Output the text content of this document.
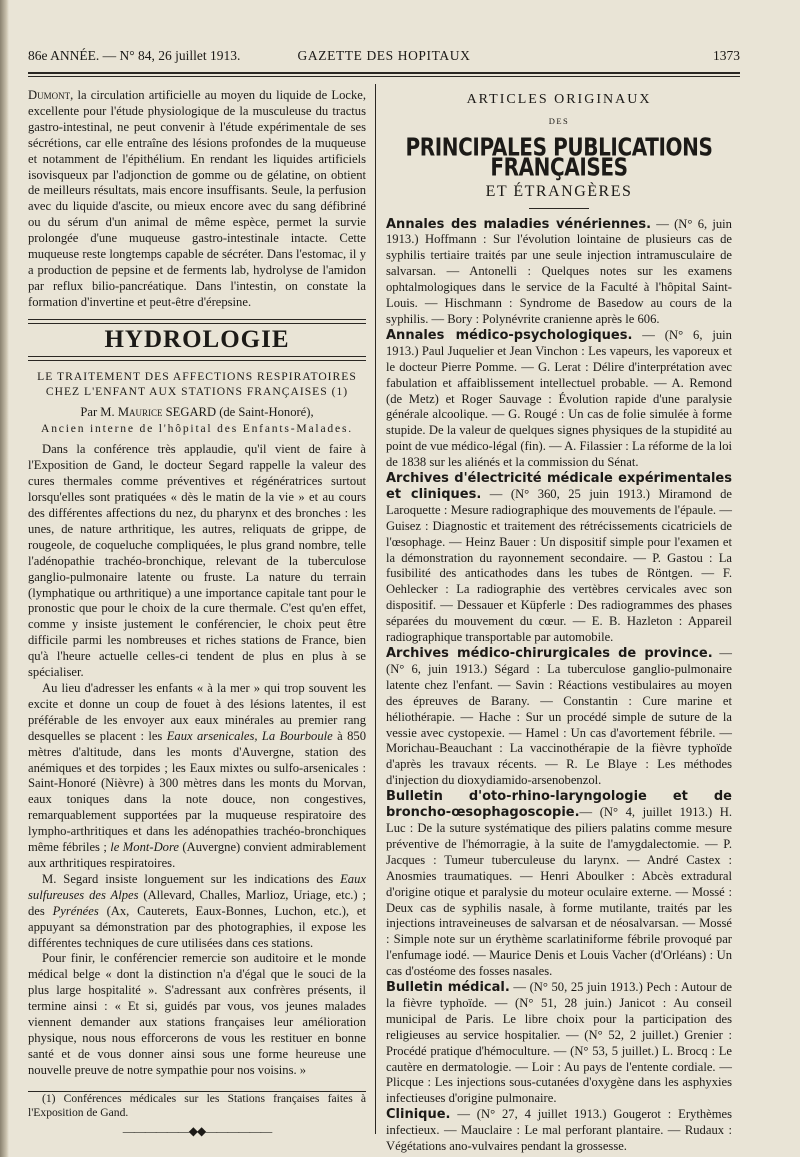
86e ANNÉE. — N° 84, 26 juillet 1913.	GAZETTE DES HOPITAUX	1373

Dumont, la circulation artificielle au moyen du liquide de Locke, excellente pour l'étude physiologique de la musculeuse du tractus gastro-intestinal, ne peut convenir à l'étude expérimentale de ses sécrétions, car elle entraîne des lésions profondes de la muqueuse et notamment de l'épithélium. En rendant les liquides artificiels isovisqueux par l'adjonction de gomme ou de gélatine, on obtient de meilleurs résultats, mais encore insuffisants. Seule, la perfusion avec du liquide d'ascite, ou mieux encore avec du sang défibriné ou du sérum d'un animal de même espèce, permet la survie prolongée d'une muqueuse gastro-intestinale intacte. Cette muqueuse reste longtemps capable de sécréter. Dans l'estomac, il y a production de pepsine et de ferments lab, hydrolyse de l'amidon par reflux bilio-pancréatique. Dans l'intestin, on constate la formation d'invertine et peut-être d'érepsine.

HYDROLOGIE
LE TRAITEMENT DES AFFECTIONS RESPIRATOIRES
CHEZ L'ENFANT AUX STATIONS FRANÇAISES (1)
Par M. Maurice SEGARD (de Saint-Honoré),
Ancien interne de l'hôpital des Enfants-Malades.

Dans la conférence très applaudie, qu'il vient de faire à l'Exposition de Gand, le docteur Segard rappelle la valeur des cures thermales comme préventives et régénératrices surtout lorsqu'elles sont pratiquées « dès le matin de la vie » et au cours des différentes affections du nez, du pharynx et des bronches : les unes, de nature arthritique, les autres, reliquats de grippe, de rougeole, de coqueluche compliquées, le plus grand nombre, telle l'adénopathie trachéo-bronchique, relevant de la tuberculose ganglio-pulmonaire latente ou fruste. La nature du terrain (lymphatique ou arthritique) a une importance capitale tant pour le pronostic que pour le choix de la cure thermale. C'est qu'en effet, comme y insiste justement le conférencier, le choix peut être difficile parmi les nombreuses et riches stations de France, bien qu'à l'heure actuelle celles-ci tendent de plus en plus à se spécialiser.

Au lieu d'adresser les enfants « à la mer » qui trop souvent les excite et donne un coup de fouet à des lésions latentes, il est préférable de les envoyer aux eaux minérales au premier rang desquelles se placent : les Eaux arsenicales, La Bourboule à 850 mètres d'altitude, dans les monts d'Auvergne, station des anémiques et des torpides ; les Eaux mixtes ou sulfo-arsenicales : Saint-Honoré (Nièvre) à 300 mètres dans les monts du Morvan, eaux toniques dans la note douce, non congestives, remarquablement supportées par la muqueuse respiratoire des lympho-arthritiques et dans les adénopathies trachéo-bronchiques même fébriles ; le Mont-Dore (Auvergne) convient admirablement aux arthritiques respiratoires.

M. Segard insiste longuement sur les indications des Eaux sulfureuses des Alpes (Allevard, Challes, Marlioz, Uriage, etc.) ; des Pyrénées (Ax, Cauterets, Eaux-Bonnes, Luchon, etc.), et appuyant sa démonstration par des photographies, il expose les différentes techniques de cure utilisées dans ces stations.

Pour finir, le conférencier remercie son auditoire et le monde médical belge « dont la distinction n'a d'égal que le souci de la plus large hospitalité ». S'adressant aux confrères présents, il termine ainsi : « Et si, guidés par vous, vos jeunes malades viennent demander aux stations françaises leur amélioration physique, nous nous efforcerons de vous les restituer en bonne santé et de vous donner ainsi sous une forme heureuse une nouvelle preuve de notre sympathie pour nos voisins. »

(1) Conférences médicales sur les Stations françaises faites à l'Exposition de Gand.

——————◆◆——————
ARTICLES ORIGINAUX
DES
PRINCIPALES PUBLICATIONS FRANÇAISES
ET ÉTRANGÈRES

Annales des maladies vénériennes. — (N° 6, juin 1913.) Hoffmann : Sur l'évolution lointaine de plusieurs cas de syphilis tertiaire traités par une seule injection intramusculaire de salvarsan. — Antonelli : Quelques notes sur les examens ophtalmologiques dans le service de la Faculté à l'hôpital Saint-Louis. — Hischmann : Syndrome de Basedow au cours de la syphilis. — Bory : Polynévrite cranienne après le 606.

Annales médico-psychologiques. — (N° 6, juin 1913.) Paul Juquelier et Jean Vinchon : Les vapeurs, les vaporeux et le docteur Pierre Pomme. — G. Lerat : Délire d'interprétation avec fabulation et affaiblissement intellectuel probable. — A. Remond (de Metz) et Roger Sauvage : Évolution rapide d'une paralysie générale alcoolique. — G. Rougé : Un cas de folie simulée à forme stupide. De la valeur de quelques signes physiques de la stupidité au point de vue médico-légal (fin). — A. Filassier : La réforme de la loi de 1838 sur les aliénés et la commission du Sénat.

Archives d'électricité médicale expérimentales et cliniques. — (N° 360, 25 juin 1913.) Miramond de Laroquette : Mesure radiographique des mouvements de l'épaule. — Guisez : Diagnostic et traitement des rétrécissements cicatriciels de l'œsophage. — Heinz Bauer : Un dispositif simple pour l'examen et la démonstration du rayonnement secondaire. — P. Gastou : La fusibilité des anticathodes dans les tubes de Röntgen. — F. Oehlecker : La radiographie des vertèbres cervicales avec son dispositif. — Dessauer et Küpferle : Des radiogrammes des phases séparées du mouvement du cœur. — E. B. Hazleton : Appareil radiographique transportable par automobile.

Archives médico-chirurgicales de province. — (N° 6, juin 1913.) Ségard : La tuberculose ganglio-pulmonaire latente chez l'enfant. — Savin : Réactions vestibulaires au moyen des épreuves de Barany. — Constantin : Cure marine et héliothérapie. — Hache : Sur un procédé simple de suture de la vessie avec cystopexie. — Hamel : Un cas d'avortement fébrile. — Morichau-Beauchant : La vaccinothérapie de la fièvre typhoïde d'après les travaux récents. — R. Le Blaye : Les méthodes d'injection du dioxydiamido-arsenobenzol.

Bulletin d'oto-rhino-laryngologie et de broncho-œsophagoscopie.— (N° 4, juillet 1913.) H. Luc : De la suture systématique des piliers palatins comme mesure préventive de l'hémorragie, à la suite de l'amygdalectomie. — P. Jacques : Tumeur tuberculeuse du larynx. — André Castex : Anosmies traumatiques. — Henri Aboulker : Abcès extradural d'origine otique et paralysie du moteur oculaire externe. — Mossé : Deux cas de syphilis nasale, à forme mutilante, traités par les injections intraveineuses de salvarsan et de néosalvarsan. — Mossé : Simple note sur un érythème scarlatiniforme fébrile provoqué par l'enfumage iodé. — Maurice Denis et Louis Vacher (d'Orléans) : Un cas d'ostéome des fosses nasales.

Bulletin médical. — (N° 50, 25 juin 1913.) Pech : Autour de la fièvre typhoïde. — (N° 51, 28 juin.) Janicot : Au conseil municipal de Paris. Le libre choix pour la participation des religieuses au service hospitalier. — (N° 52, 2 juillet.) Grenier : Procédé pratique d'hémoculture. — (N° 53, 5 juillet.) L. Brocq : Le cautère en dermatologie. — Loir : Au pays de l'entente cordiale. — Plicque : Les injections sous-cutanées d'oxygène dans les asphyxies infectieuses d'origine pulmonaire.

Clinique. — (N° 27, 4 juillet 1913.) Gougerot : Erythèmes infectieux. — Mauclaire : Le mal perforant plantaire. — Rudaux : Végétations ano-vulvaires pendant la grossesse.
